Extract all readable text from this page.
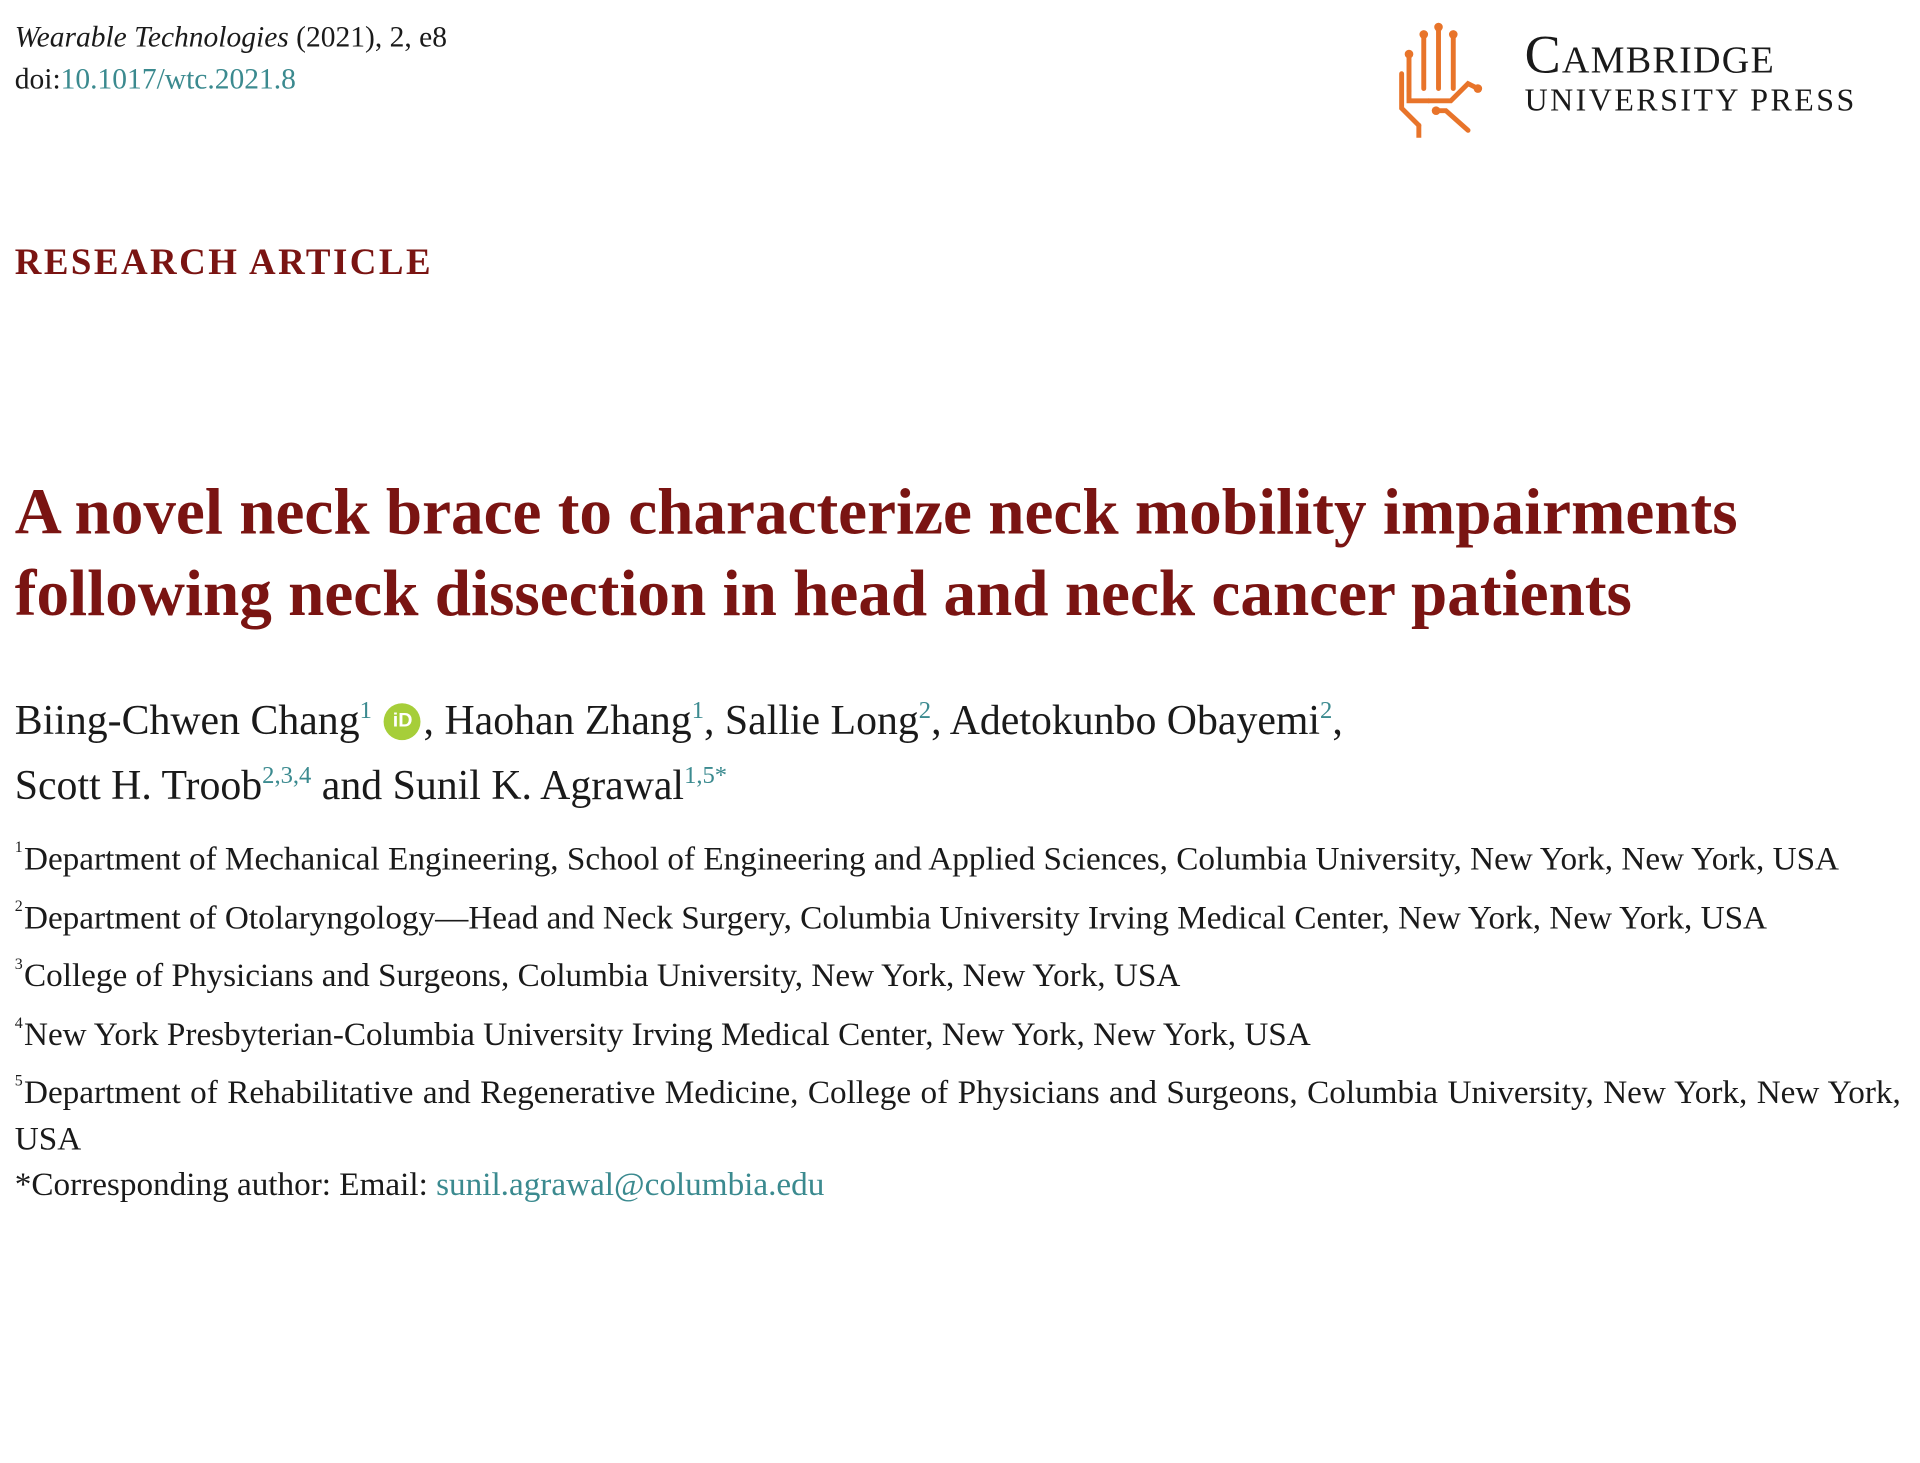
Wearable Technologies (2021), 2, e8
doi:10.1017/wtc.2021.8	Cambridge
UNIVERSITY PRESS
RESEARCH ARTICLE
A novel neck brace to characterize neck mobility impairments following neck dissection in head and neck cancer patients
Biing-Chwen Chang$^1$ iD , Haohan Zhang$^1$, Sallie Long$^2$, Adetokunbo Obayemi$^2$,
Scott H. Troob$^{2,3,4}$ and Sunil K. Agrawal$^{1,5*}$
$^1$Department of Mechanical Engineering, School of Engineering and Applied Sciences, Columbia University, New York, New York, USA
$^2$Department of Otolaryngology—Head and Neck Surgery, Columbia University Irving Medical Center, New York, New York, USA
$^3$College of Physicians and Surgeons, Columbia University, New York, New York, USA
$^4$New York Presbyterian-Columbia University Irving Medical Center, New York, New York, USA
$^5$Department of Rehabilitative and Regenerative Medicine, College of Physicians and Surgeons, Columbia University, New York, New York, USA
*Corresponding author: Email: sunil.agrawal@columbia.edu
